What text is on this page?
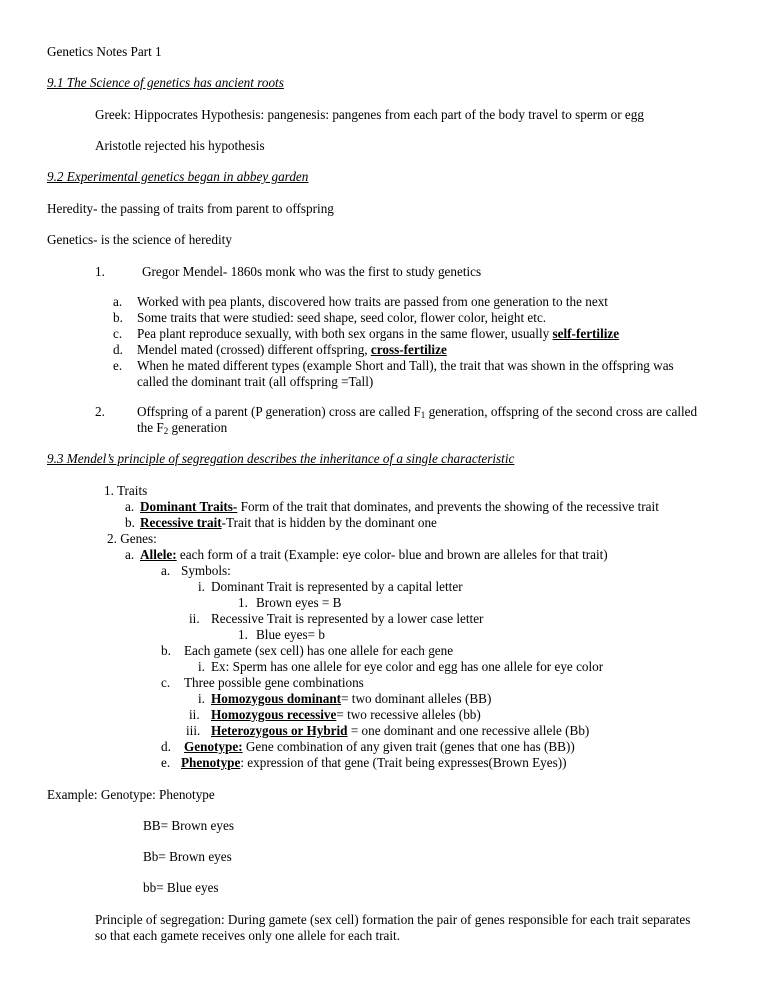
Genetics Notes Part 1
9.1 The Science of genetics has ancient roots
Greek: Hippocrates Hypothesis: pangenesis: pangenes from each part of the body travel to sperm or egg
Aristotle rejected his hypothesis
9.2 Experimental genetics began in abbey garden
Heredity- the passing of traits from parent to offspring
Genetics- is the science of heredity
1.	Gregor Mendel- 1860s monk who was the first to study genetics
a. Worked with pea plants, discovered how traits are passed from one generation to the next
b. Some traits that were studied: seed shape, seed color, flower color, height etc.
c. Pea plant reproduce sexually, with both sex organs in the same flower, usually self-fertilize
d. Mendel mated (crossed) different offspring, cross-fertilize
e. When he mated different types (example Short and Tall), the trait that was shown in the offspring was
called the dominant trait (all offspring =Tall)
2. Offspring of a parent (P generation) cross are called $F_1$ generation, offspring of the second cross are called
the $F_2$ generation
9.3 Mendel’s principle of segregation describes the inheritance of a single characteristic
1. Traits
a. Dominant Traits- Form of the trait that dominates, and prevents the showing of the recessive trait
b. Recessive trait-Trait that is hidden by the dominant one
2. Genes:
a. Allele: each form of a trait (Example: eye color- blue and brown are alleles for that trait)
a. Symbols:
i. Dominant Trait is represented by a capital letter
1. Brown eyes = B
ii. Recessive Trait is represented by a lower case letter
1. Blue eyes= b
b. Each gamete (sex cell) has one allele for each gene
i. Ex: Sperm has one allele for eye color and egg has one allele for eye color
c. Three possible gene combinations
i. Homozygous dominant= two dominant alleles (BB)
ii. Homozygous recessive= two recessive alleles (bb)
iii. Heterozygous or Hybrid = one dominant and one recessive allele (Bb)
d. Genotype: Gene combination of any given trait (genes that one has (BB))
e. Phenotype: expression of that gene (Trait being expresses(Brown Eyes))
Example: Genotype: Phenotype
BB= Brown eyes
Bb= Brown eyes
bb= Blue eyes
Principle of segregation: During gamete (sex cell) formation the pair of genes responsible for each trait separates
so that each gamete receives only one allele for each trait.
